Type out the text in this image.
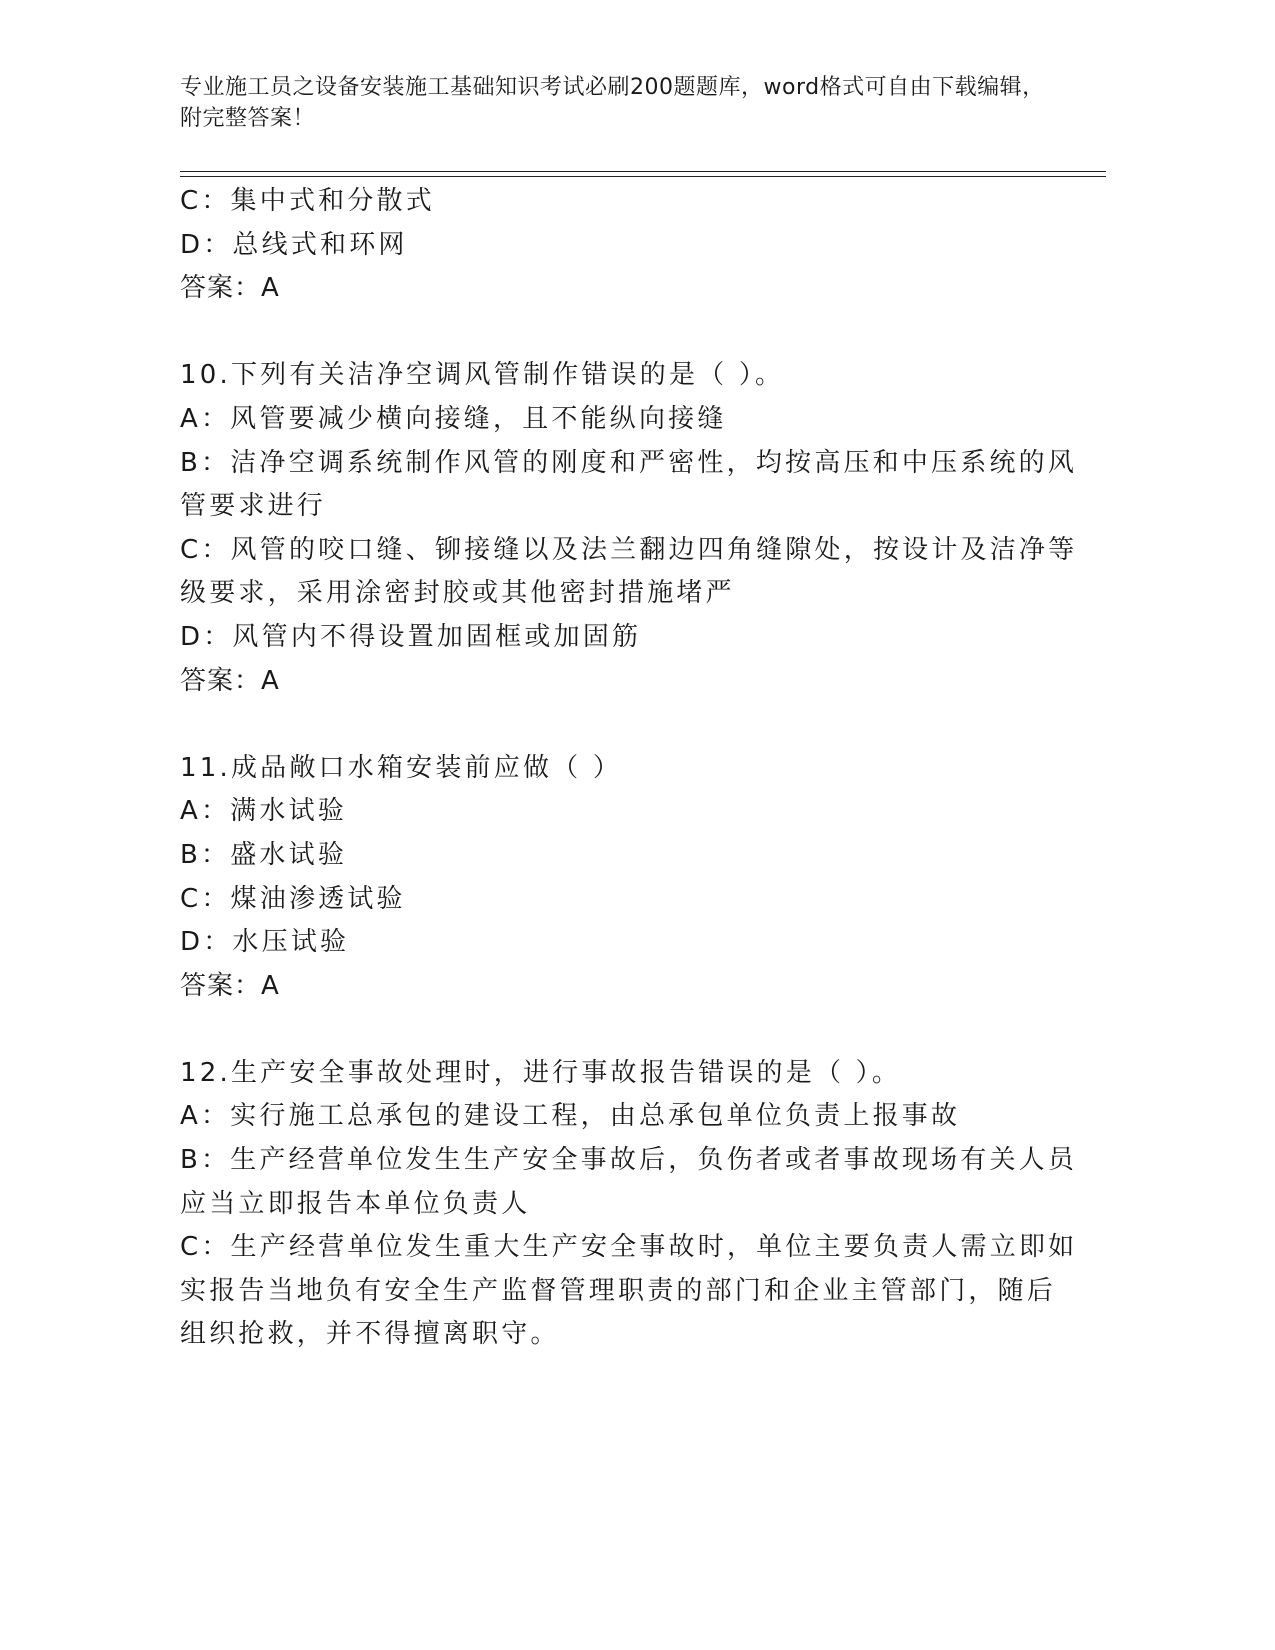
专业施工员之设备安装施工基础知识考试必刷200题题库，word格式可自由下载编辑，附完整答案！
C：集中式和分散式
D：总线式和环网
答案：A
10.下列有关洁净空调风管制作错误的是（ ）。
A：风管要减少横向接缝，且不能纵向接缝
B：洁净空调系统制作风管的刚度和严密性，均按高压和中压系统的风
管要求进行
C：风管的咬口缝、铆接缝以及法兰翻边四角缝隙处，按设计及洁净等
级要求，采用涂密封胶或其他密封措施堵严
D：风管内不得设置加固框或加固筋
答案：A
11.成品敞口水箱安装前应做（ ）
A：满水试验
B：盛水试验
C：煤油渗透试验
D：水压试验
答案：A
12.生产安全事故处理时，进行事故报告错误的是（ ）。
A：实行施工总承包的建设工程，由总承包单位负责上报事故
B：生产经营单位发生生产安全事故后，负伤者或者事故现场有关人员
应当立即报告本单位负责人
C：生产经营单位发生重大生产安全事故时，单位主要负责人需立即如
实报告当地负有安全生产监督管理职责的部门和企业主管部门，随后
组织抢救，并不得擅离职守。
